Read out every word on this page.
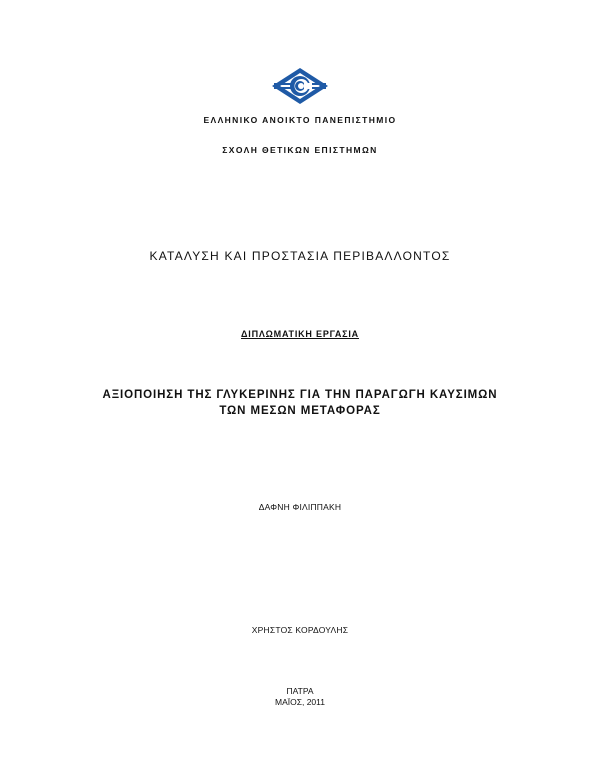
ΕΛΛΗΝΙΚΟ ΑΝΟΙΚΤΟ ΠΑΝΕΠΙΣΤΗΜΙΟ
ΣΧΟΛΗ ΘΕΤΙΚΩΝ ΕΠΙΣΤΗΜΩΝ
ΚΑΤΑΛΥΣΗ ΚΑΙ ΠΡΟΣΤΑΣΙΑ ΠΕΡΙΒΑΛΛΟΝΤΟΣ
ΔΙΠΛΩΜΑΤΙΚΗ ΕΡΓΑΣΙΑ
ΑΞΙΟΠΟΙΗΣΗ ΤΗΣ ΓΛΥΚΕΡΙΝΗΣ ΓΙΑ ΤΗΝ ΠΑΡΑΓΩΓΗ ΚΑΥΣΙΜΩΝ
ΤΩΝ ΜΕΣΩΝ ΜΕΤΑΦΟΡΑΣ
ΔΑΦΝΗ ΦΙΛΙΠΠΑΚΗ
ΧΡΗΣΤΟΣ ΚΟΡΔΟΥΛΗΣ
ΠΑΤΡΑ
ΜΑΪΟΣ, 2011
